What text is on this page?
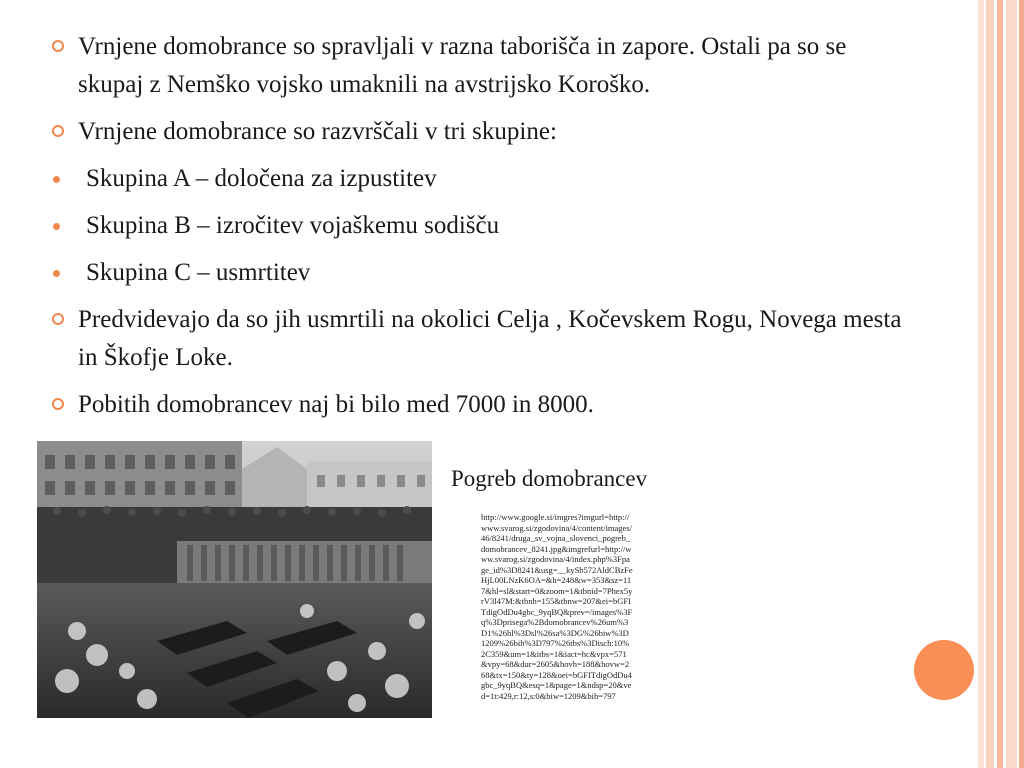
Vrnjene domobrance so spravljali v razna taborišča in zapore. Ostali pa so se skupaj z Nemško vojsko umaknili na avstrijsko Koroško.
Vrnjene domobrance so razvrščali v tri skupine:
Skupina A – določena za izpustitev
Skupina B – izročitev vojaškemu sodišču
Skupina C – usmrtitev
Predvidevajo da so jih usmrtili na okolici Celja , Kočevskem Rogu, Novega mesta in Škofje Loke.
Pobitih domobrancev naj bi bilo med 7000 in 8000.
Pogreb domobrancev
http://www.google.si/imgres?imgurl=http://www.svarog.si/zgodovina/4/content/images/46/8241/druga_sv_vojna_slovenci_pogreb_domobrancev_8241.jpg&imgrefurl=http://www.svarog.si/zgodovina/4/index.php%3Fpage_id%3D8241&usg=__kySb572AldCBzFeHjL00LNzK6OA=&h=248&w=353&sz=117&hl=sl&start=0&zoom=1&tbnid=7Phex5yrV3l47M:&tbnh=155&tbnw=207&ei=bGFITdigOdDu4gbc_9yqBQ&prev=/images%3Fq%3Dprisega%2Bdomobrancev%26um%3D1%26hl%3Dsl%26sa%3DG%26biw%3D1209%26bih%3D797%26tbs%3Disch:10%2C359&um=1&itbs=1&iact=hc&vpx=571&vpy=68&dur=2605&hovh=188&hovw=268&tx=150&ty=128&oei=bGFITdigOdDu4gbc_9yqBQ&esq=1&page=1&ndsp=20&ved=1t:429,r:12,s:0&biw=1209&bih=797
